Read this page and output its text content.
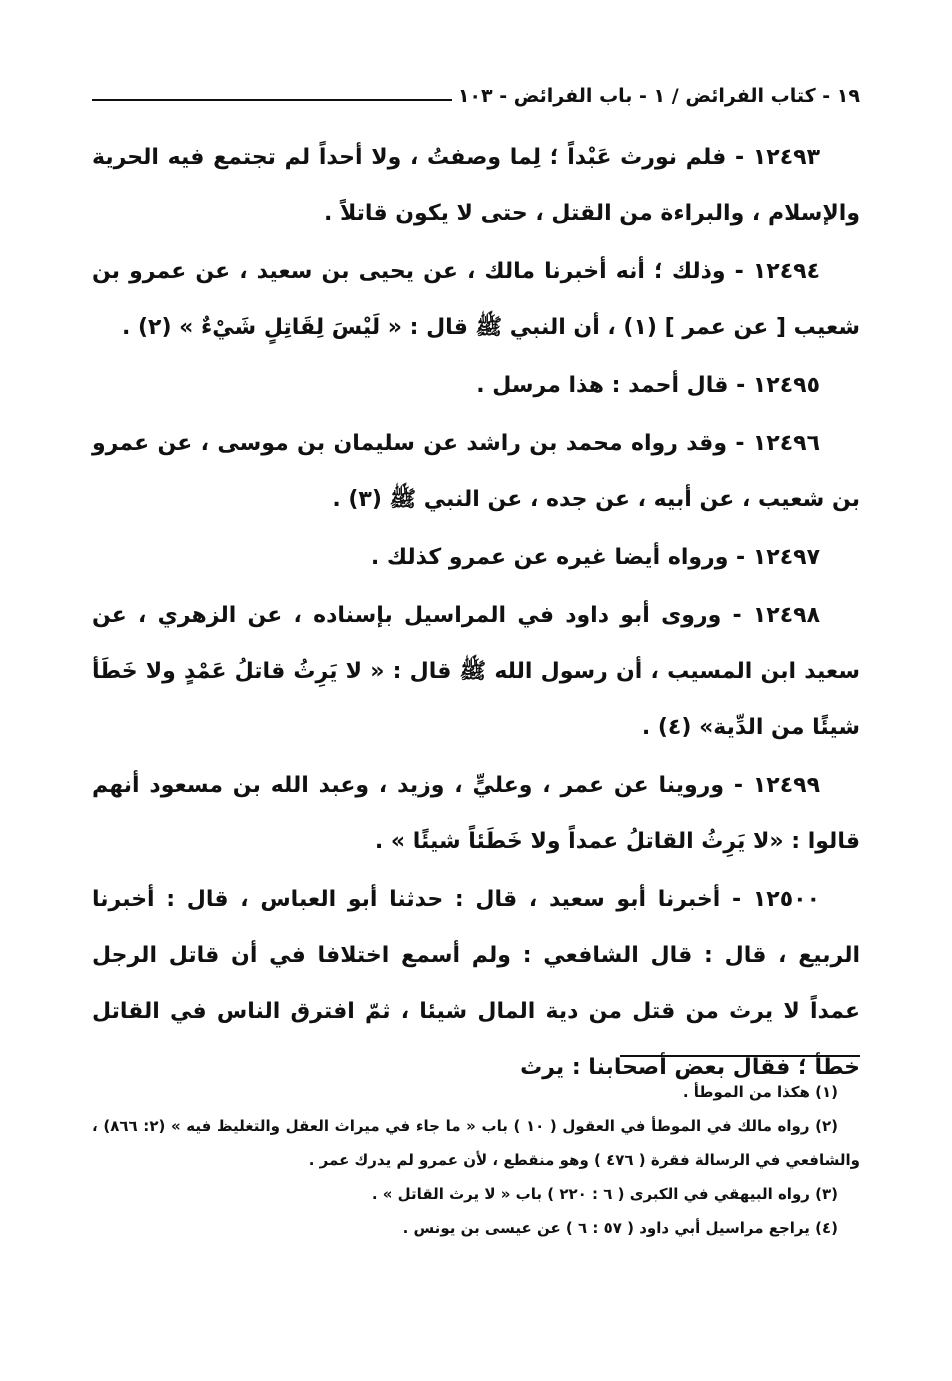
١٩ - كتاب الفرائض / ١ - باب الفرائض - ١٠٣

١٢٤٩٣ - فلم نورث عَبْداً ؛ لِما وصفتُ ، ولا أحداً لم تجتمع فيه الحرية والإسلام ، والبراءة من القتل ، حتى لا يكون قاتلاً .

١٢٤٩٤ - وذلك ؛ أنه أخبرنا مالك ، عن يحيى بن سعيد ، عن عمرو بن شعيب [ عن عمر ] (١) ، أن النبي ﷺ قال : « لَيْسَ لِقَاتِلٍ شَيْءٌ » (٢) .

١٢٤٩٥ - قال أحمد : هذا مرسل .

١٢٤٩٦ - وقد رواه محمد بن راشد عن سليمان بن موسى ، عن عمرو بن شعيب ، عن أبيه ، عن جده ، عن النبي ﷺ (٣) .

١٢٤٩٧ - ورواه أيضا غيره عن عمرو كذلك .

١٢٤٩٨ - وروى أبو داود في المراسيل بإسناده ، عن الزهري ، عن سعيد ابن المسيب ، أن رسول الله ﷺ قال : « لا يَرِثُ قاتلُ عَمْدٍ ولا خَطَأ شيئًا من الدِّية» (٤) .

١٢٤٩٩ - وروينا عن عمر ، وعليٍّ ، وزيد ، وعبد الله بن مسعود أنهم قالوا : «لا يَرِثُ القاتلُ عمداً ولا خَطَئاً شيئًا » .

١٢٥٠٠ - أخبرنا أبو سعيد ، قال : حدثنا أبو العباس ، قال : أخبرنا الربيع ، قال : قال الشافعي : ولم أسمع اختلافا في أن قاتل الرجل عمداً لا يرث من قتل من دية المال شيئا ، ثمّ افترق الناس في القاتل خطأ ؛ فقال بعض أصحابنا : يرث

(١) هكذا من الموطأ .
(٢) رواه مالك في الموطأ في العقول ( ١٠ ) باب « ما جاء في ميراث العقل والتغليظ فيه » (٢: ٨٦٦) ، والشافعي في الرسالة فقرة ( ٤٧٦ ) وهو منقطع ، لأن عمرو لم يدرك عمر .
(٣) رواه البيهقي في الكبرى ( ٦ : ٢٢٠ ) باب « لا يرث القاتل » .
(٤) يراجع مراسيل أبي داود ( ٥٧ : ٦ ) عن عيسى بن يونس .
